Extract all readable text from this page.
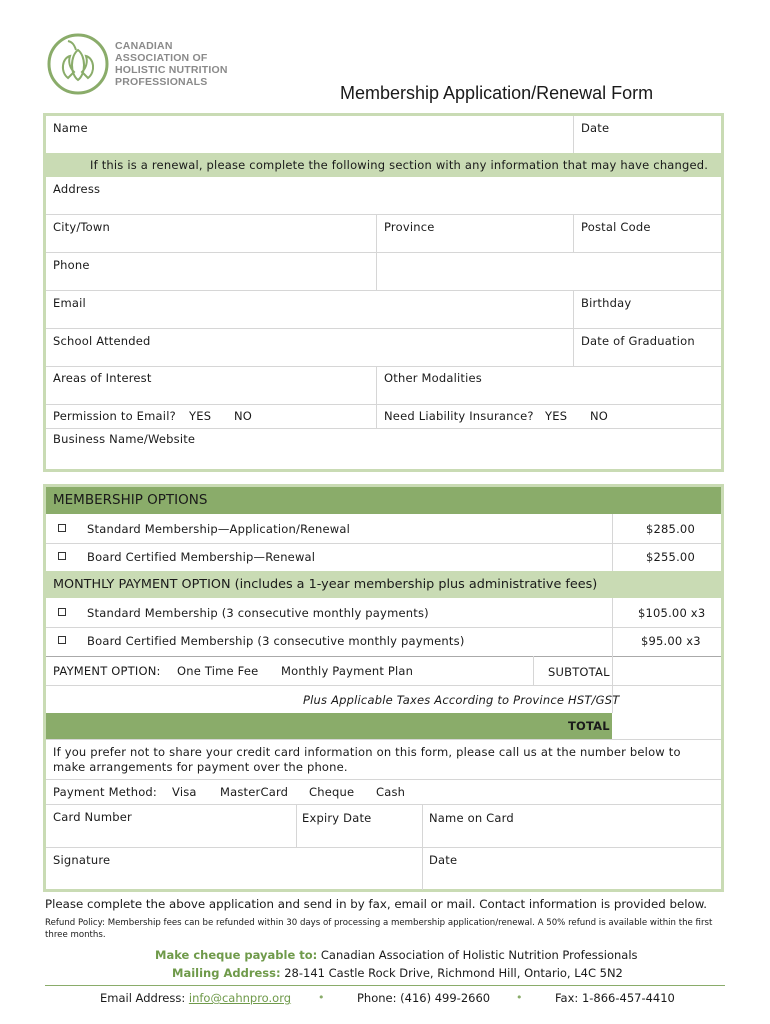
CANADIAN
ASSOCIATION OF
HOLISTIC NUTRITION
PROFESSIONALS
Membership Application/Renewal Form
Name	Date
If this is a renewal, please complete the following section with any information that may have changed.
Address
City/Town	Province	Postal Code
Phone
Email	Birthday
School Attended	Date of Graduation
Areas of Interest	Other Modalities
Permission to Email? YES NO	Need Liability Insurance? YES NO
Business Name/Website
MEMBERSHIP OPTIONS
Standard Membership—Application/Renewal	$285.00
Board Certified Membership—Renewal	$255.00
MONTHLY PAYMENT OPTION (includes a 1-year membership plus administrative fees)
Standard Membership (3 consecutive monthly payments)	$105.00 x3
Board Certified Membership (3 consecutive monthly payments)	$95.00 x3
PAYMENT OPTION: One Time Fee Monthly Payment Plan	SUBTOTAL
Plus Applicable Taxes According to Province HST/GST
TOTAL
If you prefer not to share your credit card information on this form, please call us at the number below to make arrangements for payment over the phone.
Payment Method: Visa MasterCard Cheque Cash
Card Number	Expiry Date	Name on Card
Signature	Date
Please complete the above application and send in by fax, email or mail. Contact information is provided below.
Refund Policy: Membership fees can be refunded within 30 days of processing a membership application/renewal. A 50% refund is available within the first three months.
Make cheque payable to: Canadian Association of Holistic Nutrition Professionals
Mailing Address: 28-141 Castle Rock Drive, Richmond Hill, Ontario, L4C 5N2
Email Address: info@cahnpro.org •	Phone: (416) 499-2660 •	Fax: 1-866-457-4410
